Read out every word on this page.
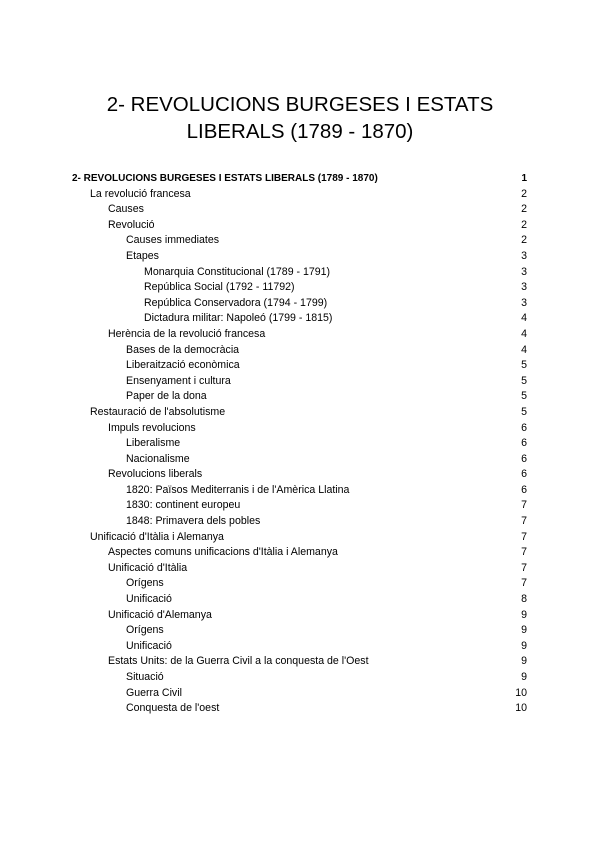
2- REVOLUCIONS BURGESES I ESTATS
LIBERALS (1789 - 1870)
2- REVOLUCIONS BURGESES I ESTATS LIBERALS (1789 - 1870)	1
La revolució francesa	2
Causes	2
Revolució	2
Causes immediates	2
Etapes	3
Monarquia Constitucional (1789 - 1791)	3
República Social (1792 - 11792)	3
República Conservadora (1794 - 1799)	3
Dictadura militar: Napoleó (1799 - 1815)	4
Herència de la revolució francesa	4
Bases de la democràcia	4
Liberaització econòmica	5
Ensenyament i cultura	5
Paper de la dona	5
Restauració de l'absolutisme	5
Impuls revolucions	6
Liberalisme	6
Nacionalisme	6
Revolucions liberals	6
1820: Països Mediterranis i de l'Amèrica Llatina	6
1830: continent europeu	7
1848: Primavera dels pobles	7
Unificació d'Itàlia i Alemanya	7
Aspectes comuns unificacions d'Itàlia i Alemanya	7
Unificació d'Itàlia	7
Orígens	7
Unificació	8
Unificació d'Alemanya	9
Orígens	9
Unificació	9
Estats Units: de la Guerra Civil a la conquesta de l'Oest	9
Situació	9
Guerra Civil	10
Conquesta de l'oest	10
